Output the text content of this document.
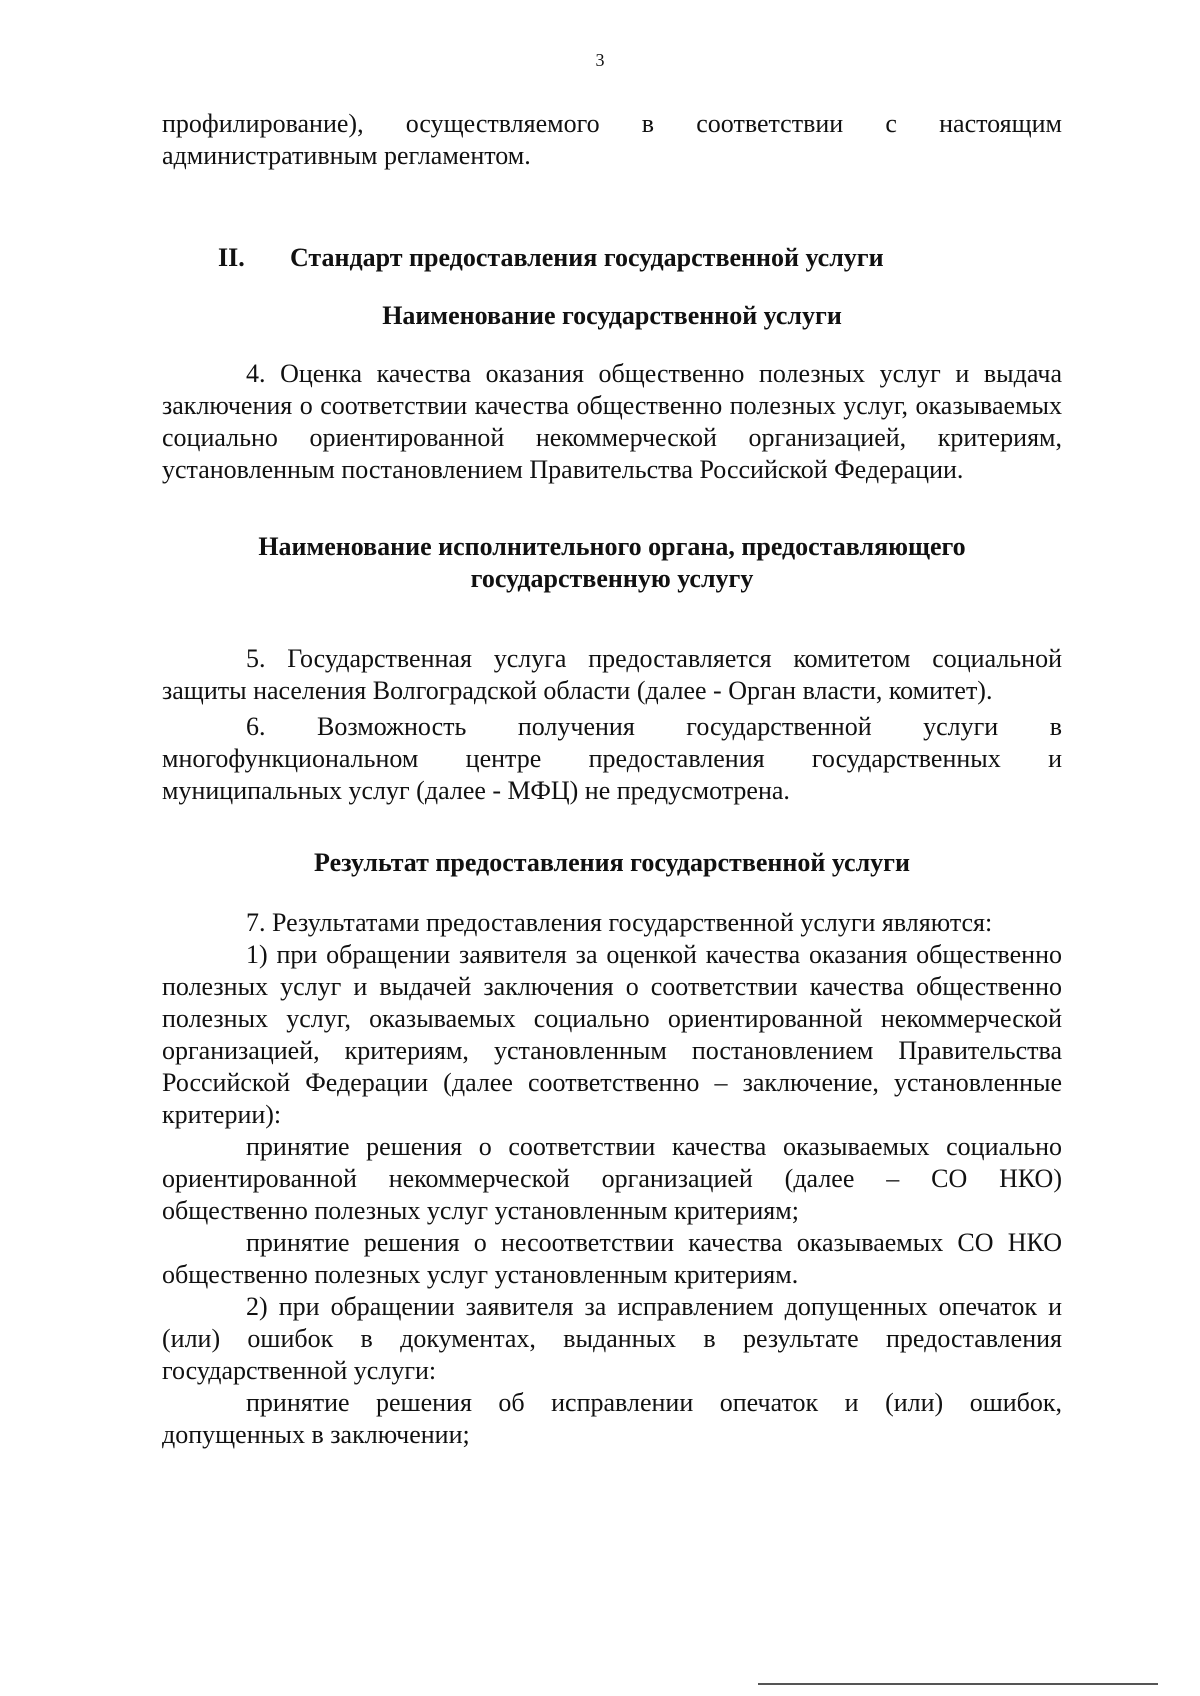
3

профилирование), осуществляемого в соответствии с настоящим административным регламентом.

II. Стандарт предоставления государственной услуги

Наименование государственной услуги

4. Оценка качества оказания общественно полезных услуг и выдача заключения о соответствии качества общественно полезных услуг, оказываемых социально ориентированной некоммерческой организацией, критериям, установленным постановлением Правительства Российской Федерации.

Наименование исполнительного органа, предоставляющего

государственную услугу

5. Государственная услуга предоставляется комитетом социальной защиты населения Волгоградской области (далее - Орган власти, комитет).

6. Возможность получения государственной услуги в многофункциональном центре предоставления государственных и муниципальных услуг (далее - МФЦ) не предусмотрена.

Результат предоставления государственной услуги

7. Результатами предоставления государственной услуги являются:

1) при обращении заявителя за оценкой качества оказания общественно полезных услуг и выдачей заключения о соответствии качества общественно полезных услуг, оказываемых социально ориентированной некоммерческой организацией, критериям, установленным постановлением Правительства Российской Федерации (далее соответственно – заключение, установленные критерии):

принятие решения о соответствии качества оказываемых социально ориентированной некоммерческой организацией (далее – СО НКО) общественно полезных услуг установленным критериям;

принятие решения о несоответствии качества оказываемых СО НКО общественно полезных услуг установленным критериям.

2) при обращении заявителя за исправлением допущенных опечаток и (или) ошибок в документах, выданных в результате предоставления государственной услуги:

принятие решения об исправлении опечаток и (или) ошибок, допущенных в заключении;
